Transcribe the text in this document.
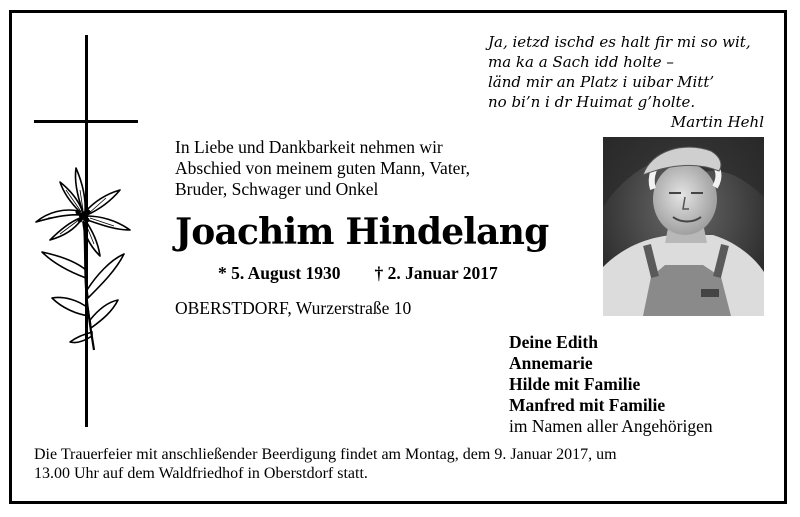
Ja, ietzd ischd es halt fir mi so wit,
ma ka a Sach idd holte –
länd mir an Platz i uibar Mitt’
no bi’n i dr Huimat g’holte.
Martin Hehl
In Liebe und Dankbarkeit nehmen wir
Abschied von meinem guten Mann, Vater,
Bruder, Schwager und Onkel
Joachim Hindelang
* 5. August 1930 † 2. Januar 2017
OBERSTDORF, Wurzerstraße 10
Deine Edith
Annemarie
Hilde mit Familie
Manfred mit Familie
im Namen aller Angehörigen
Die Trauerfeier mit anschließender Beerdigung findet am Montag, dem 9. Januar 2017, um
13.00 Uhr auf dem Waldfriedhof in Oberstdorf statt.
